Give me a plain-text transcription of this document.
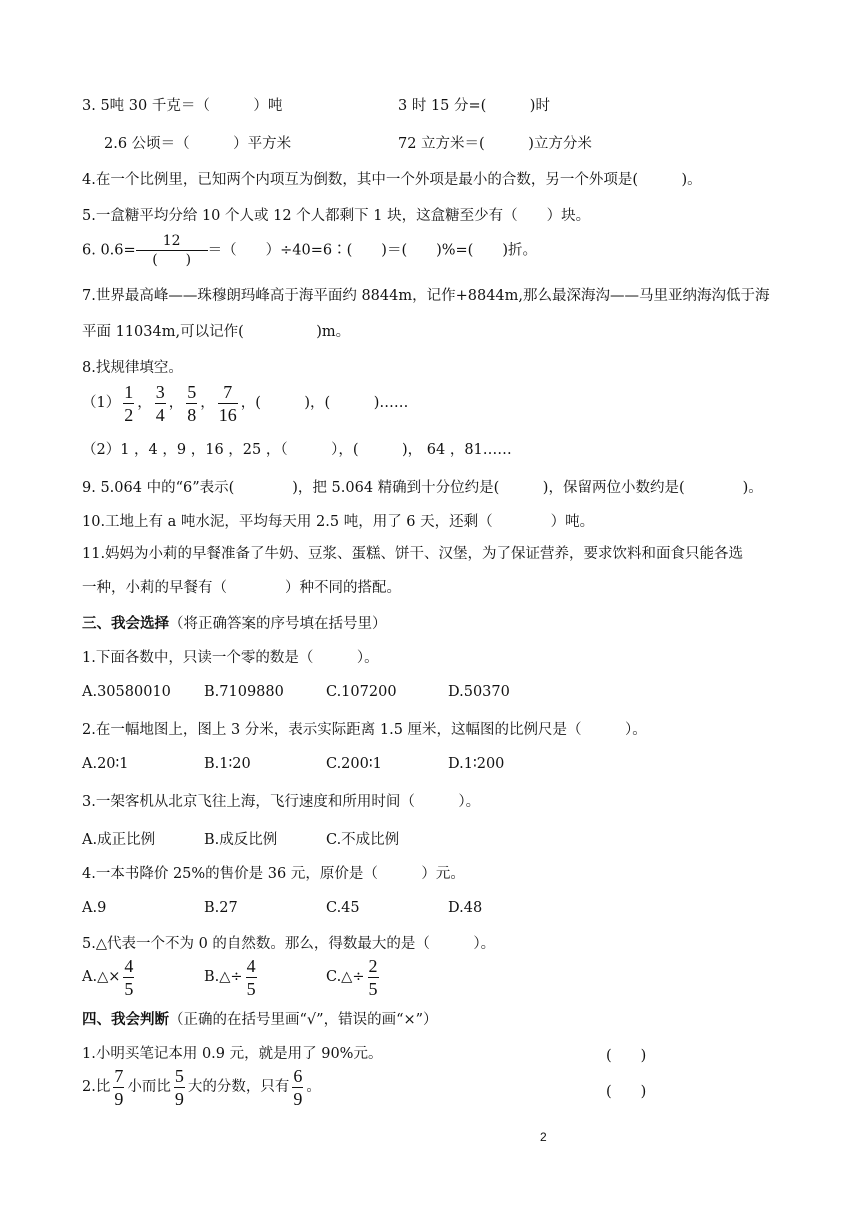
3. 5吨 30 千克＝（　　　）吨	3 时 15 分=(　　　)时
2.6 公顷＝（　　　）平方米	72 立方米＝(　　　)立方分米
4.在一个比例里，已知两个内项互为倒数，其中一个外项是最小的合数，另一个外项是(　　　)。
5.一盒糖平均分给 10 个人或 12 个人都剩下 1 块，这盒糖至少有（　　）块。
6. $0.6= \frac{12}{( )}$ ＝（　　）÷40=6∶(　　)＝(　　)%=(　　)折。
7.世界最高峰——珠穆朗玛峰高于海平面约 8844m，记作+8844m,那么最深海沟——马里亚纳海沟低于海
平面 11034m,可以记作(　　　　　)m。
8.找规律填空。
$(1) \frac{1}{2}$ ， $\frac{3}{4}$ ， $\frac{5}{8}$ ， $\frac{7}{16}$ ，(　　　)，(　　　)……
（2）1 ，4 ，9 ，16 ，25 ，（　　　），(　　　)， 64 ，81……
9. 5.064 中的“6”表示(　　　　)，把 5.064 精确到十分位约是(　　　)，保留两位小数约是(　　　　)。
10.工地上有 a 吨水泥，平均每天用 2.5 吨，用了 6 天，还剩（　　　　）吨。
11.妈妈为小莉的早餐准备了牛奶、豆浆、蛋糕、饼干、汉堡，为了保证营养，要求饮料和面食只能各选
一种，小莉的早餐有（　　　　）种不同的搭配。
三、我会选择（将正确答案的序号填在括号里）
1.下面各数中，只读一个零的数是（　　　）。
A.30580010 B.7109880	C.107200	D.50370
2.在一幅地图上，图上 3 分米，表示实际距离 1.5 厘米，这幅图的比例尺是（　　　）。
A.20∶1	B.1∶20	C.200∶1	D.1∶200
3.一架客机从北京飞往上海，飞行速度和所用时间（　　　）。
A.成正比例	B.成反比例	C.不成比例
4.一本书降价 25%的售价是 36 元，原价是（　　　）元。
A.9	B.27	C.45	D.48
5.△代表一个不为 0 的自然数。那么，得数最大的是（　　　）。
A.△× $\frac{4}{5}$	B.△÷ $\frac{4}{5}$	C.△÷ $\frac{2}{5}$
四、我会判断（正确的在括号里画“√”，错误的画“×”）
1.小明买笔记本用 0.9 元，就是用了 90%元。	(　　)
2.比 $\frac{7}{9}$ 小而比 $\frac{5}{9}$ 大的分数，只有 $\frac{6}{9}$ 。	(　　)
2
